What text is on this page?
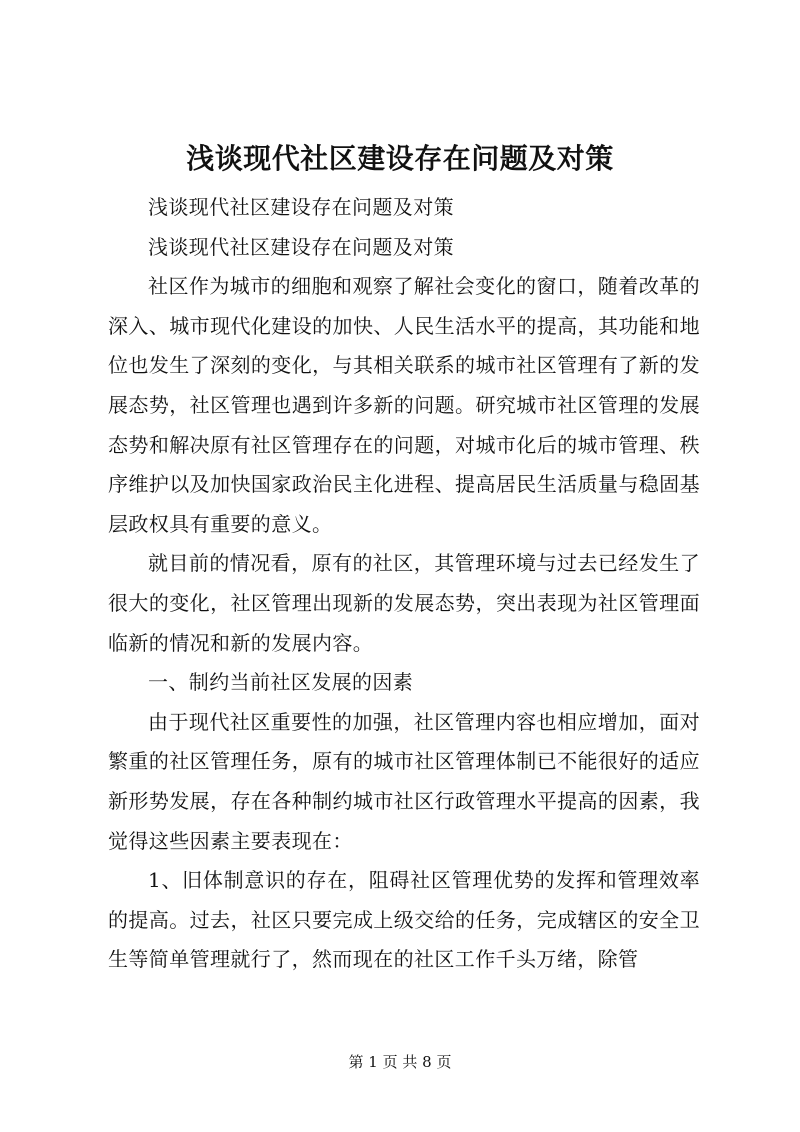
浅谈现代社区建设存在问题及对策

浅谈现代社区建设存在问题及对策

浅谈现代社区建设存在问题及对策

社区作为城市的细胞和观察了解社会变化的窗口，随着改革的深入、城市现代化建设的加快、人民生活水平的提高，其功能和地位也发生了深刻的变化，与其相关联系的城市社区管理有了新的发展态势，社区管理也遇到许多新的问题。研究城市社区管理的发展态势和解决原有社区管理存在的问题，对城市化后的城市管理、秩序维护以及加快国家政治民主化进程、提高居民生活质量与稳固基层政权具有重要的意义。

就目前的情况看，原有的社区，其管理环境与过去已经发生了很大的变化，社区管理出现新的发展态势，突出表现为社区管理面临新的情况和新的发展内容。

一、制约当前社区发展的因素

由于现代社区重要性的加强，社区管理内容也相应增加，面对繁重的社区管理任务，原有的城市社区管理体制已不能很好的适应新形势发展，存在各种制约城市社区行政管理水平提高的因素，我觉得这些因素主要表现在：

1、旧体制意识的存在，阻碍社区管理优势的发挥和管理效率的提高。过去，社区只要完成上级交给的任务，完成辖区的安全卫生等简单管理就行了，然而现在的社区工作千头万绪，除管

第 1 页 共 8 页
